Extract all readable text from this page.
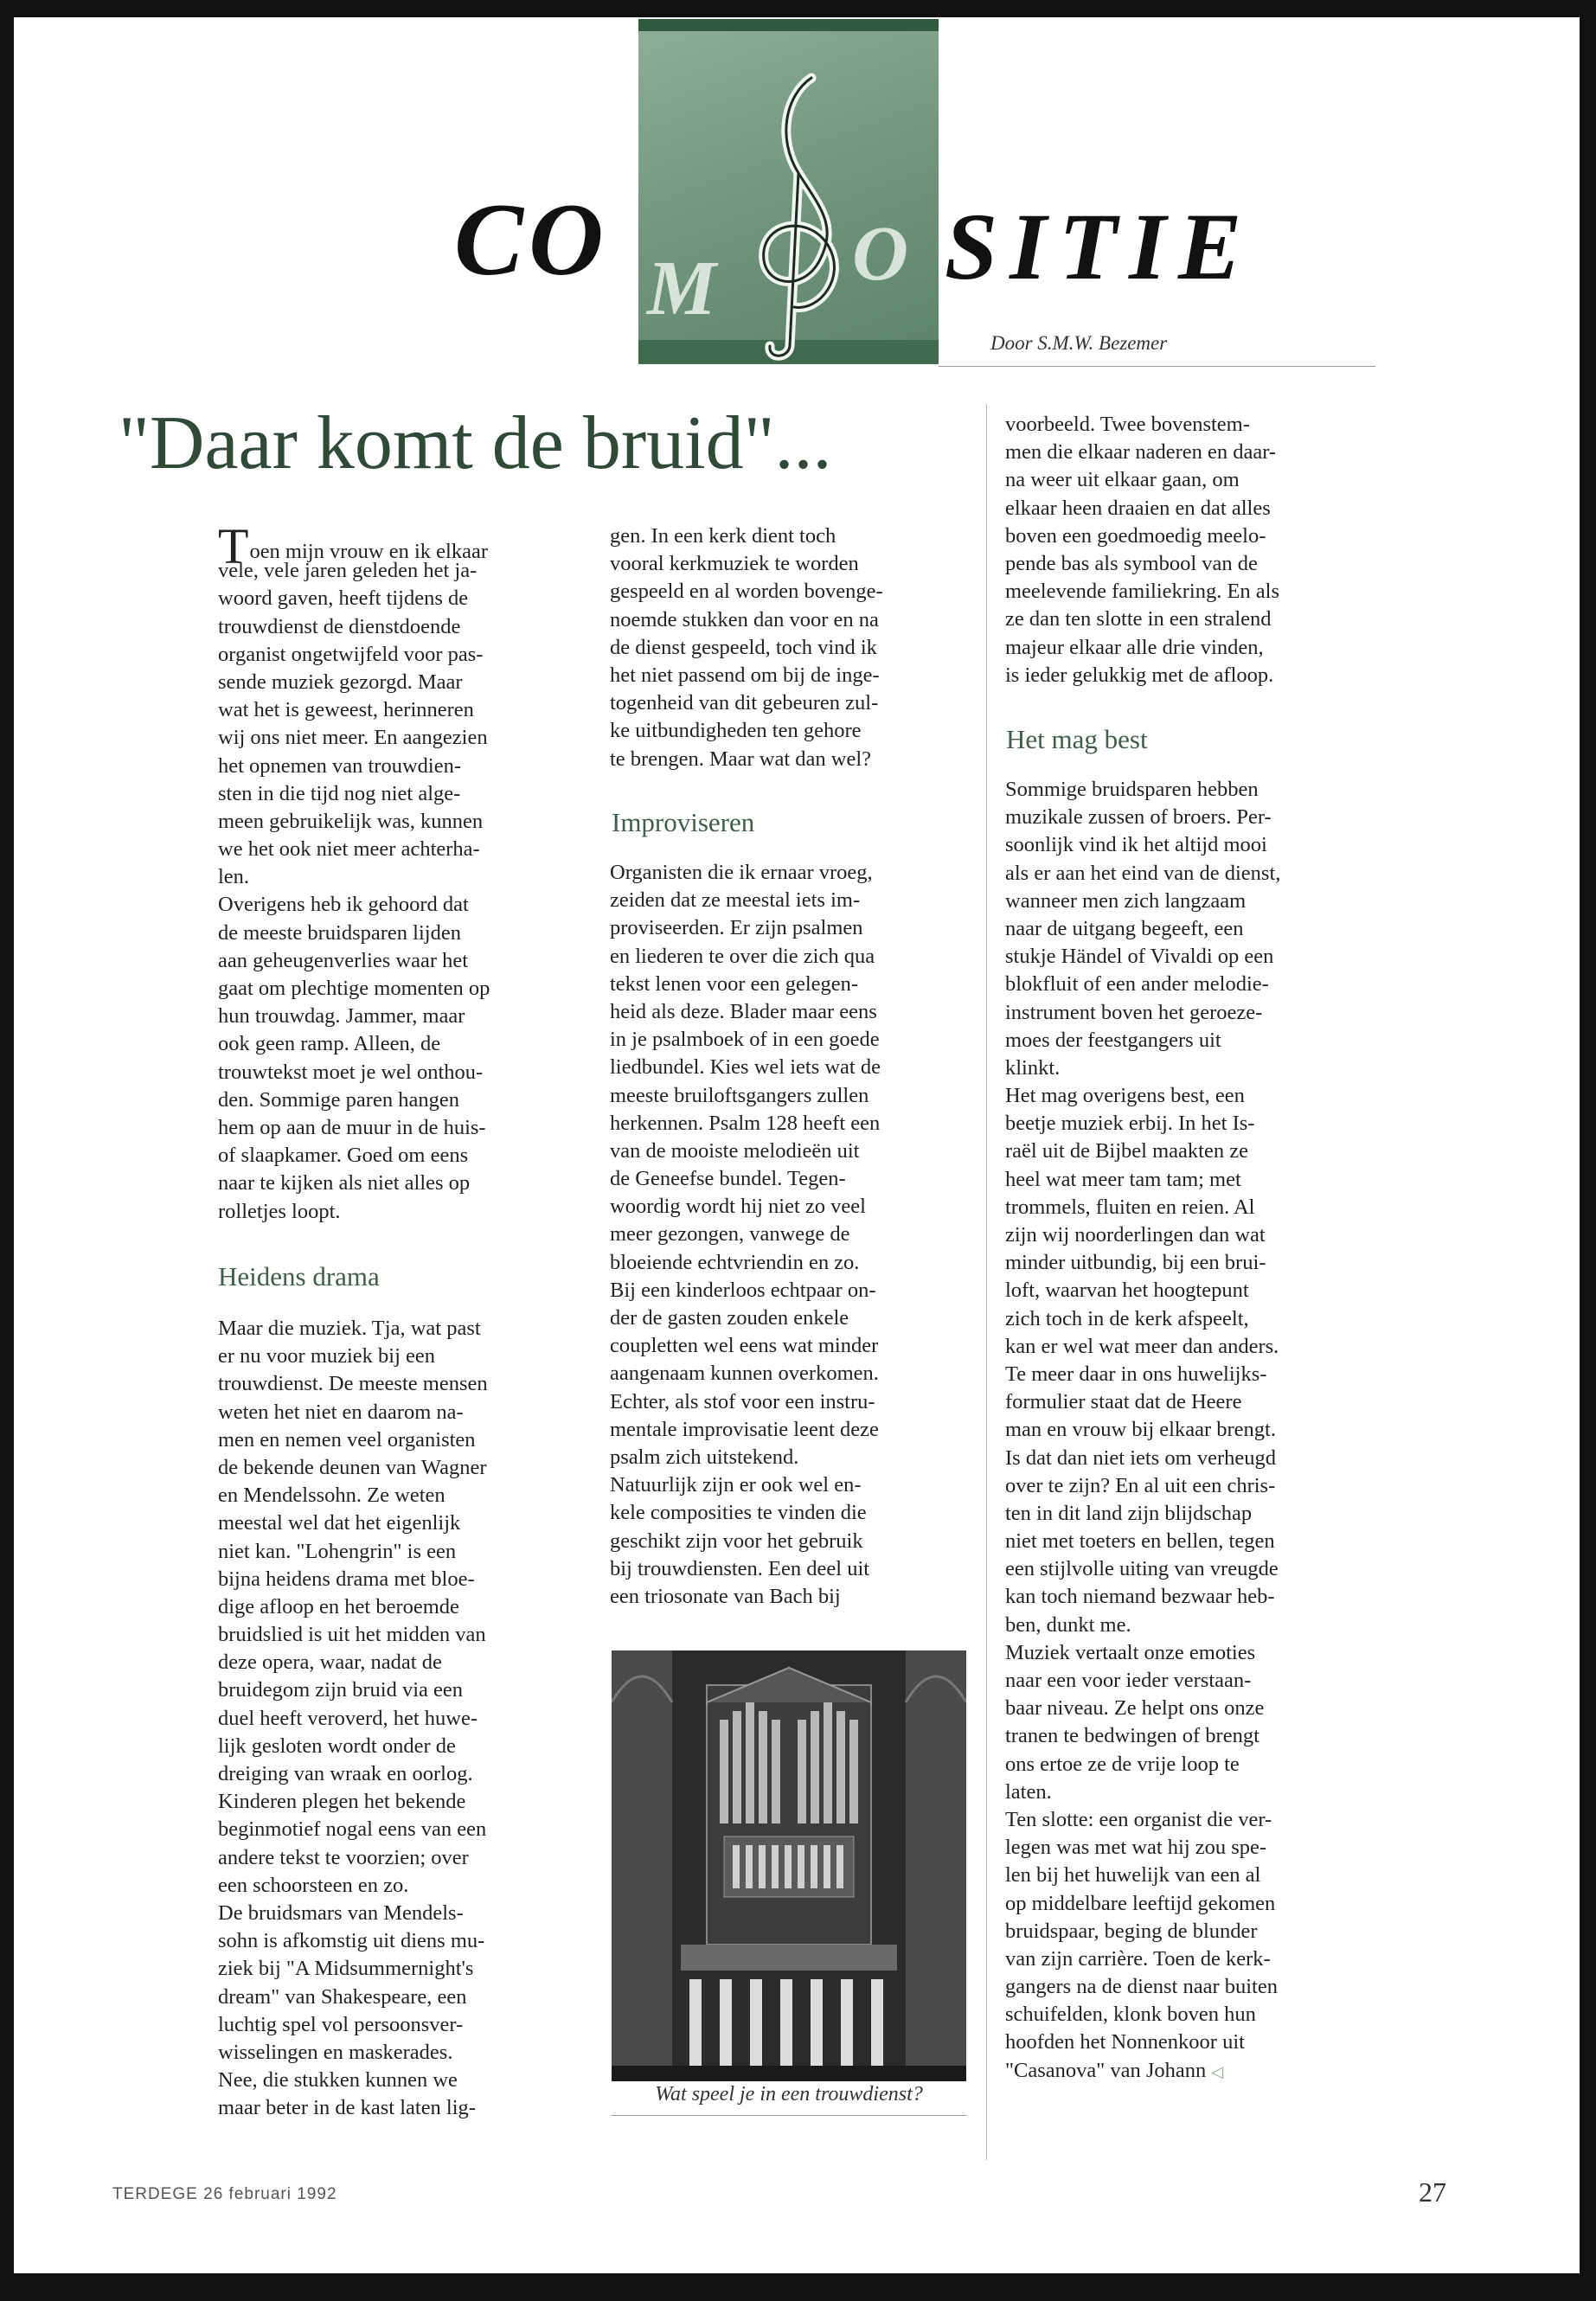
CO M O SITIE
Door S.M.W. Bezemer
"Daar komt de bruid"...
Toen mijn vrouw en ik elkaar
vele, vele jaren geleden het ja-
woord gaven, heeft tijdens de
trouwdienst de dienstdoende
organist ongetwijfeld voor pas-
sende muziek gezorgd. Maar
wat het is geweest, herinneren
wij ons niet meer. En aangezien
het opnemen van trouwdien-
sten in die tijd nog niet alge-
meen gebruikelijk was, kunnen
we het ook niet meer achterha-
len.
Overigens heb ik gehoord dat
de meeste bruidsparen lijden
aan geheugenverlies waar het
gaat om plechtige momenten op
hun trouwdag. Jammer, maar
ook geen ramp. Alleen, de
trouwtekst moet je wel onthou-
den. Sommige paren hangen
hem op aan de muur in de huis-
of slaapkamer. Goed om eens
naar te kijken als niet alles op
rolletjes loopt.
Heidens drama
Maar die muziek. Tja, wat past
er nu voor muziek bij een
trouwdienst. De meeste mensen
weten het niet en daarom na-
men en nemen veel organisten
de bekende deunen van Wagner
en Mendelssohn. Ze weten
meestal wel dat het eigenlijk
niet kan. "Lohengrin" is een
bijna heidens drama met bloe-
dige afloop en het beroemde
bruidslied is uit het midden van
deze opera, waar, nadat de
bruidegom zijn bruid via een
duel heeft veroverd, het huwe-
lijk gesloten wordt onder de
dreiging van wraak en oorlog.
Kinderen plegen het bekende
beginmotief nogal eens van een
andere tekst te voorzien; over
een schoorsteen en zo.
De bruidsmars van Mendels-
sohn is afkomstig uit diens mu-
ziek bij "A Midsummernight's
dream" van Shakespeare, een
luchtig spel vol persoonsver-
wisselingen en maskerades.
Nee, die stukken kunnen we
maar beter in de kast laten lig-
gen. In een kerk dient toch
vooral kerkmuziek te worden
gespeeld en al worden bovenge-
noemde stukken dan voor en na
de dienst gespeeld, toch vind ik
het niet passend om bij de inge-
togenheid van dit gebeuren zul-
ke uitbundigheden ten gehore
te brengen. Maar wat dan wel?
Improviseren
Organisten die ik ernaar vroeg,
zeiden dat ze meestal iets im-
proviseerden. Er zijn psalmen
en liederen te over die zich qua
tekst lenen voor een gelegen-
heid als deze. Blader maar eens
in je psalmboek of in een goede
liedbundel. Kies wel iets wat de
meeste bruiloftsgangers zullen
herkennen. Psalm 128 heeft een
van de mooiste melodieën uit
de Geneefse bundel. Tegen-
woordig wordt hij niet zo veel
meer gezongen, vanwege de
bloeiende echtvriendin en zo.
Bij een kinderloos echtpaar on-
der de gasten zouden enkele
coupletten wel eens wat minder
aangenaam kunnen overkomen.
Echter, als stof voor een instru-
mentale improvisatie leent deze
psalm zich uitstekend.
Natuurlijk zijn er ook wel en-
kele composities te vinden die
geschikt zijn voor het gebruik
bij trouwdiensten. Een deel uit
een triosonate van Bach bij
Wat speel je in een trouwdienst?
voorbeeld. Twee bovenstem-
men die elkaar naderen en daar-
na weer uit elkaar gaan, om
elkaar heen draaien en dat alles
boven een goedmoedig meelo-
pende bas als symbool van de
meelevende familiekring. En als
ze dan ten slotte in een stralend
majeur elkaar alle drie vinden,
is ieder gelukkig met de afloop.
Het mag best
Sommige bruidsparen hebben
muzikale zussen of broers. Per-
soonlijk vind ik het altijd mooi
als er aan het eind van de dienst,
wanneer men zich langzaam
naar de uitgang begeeft, een
stukje Händel of Vivaldi op een
blokfluit of een ander melodie-
instrument boven het geroeze-
moes der feestgangers uit
klinkt.
Het mag overigens best, een
beetje muziek erbij. In het Is-
raël uit de Bijbel maakten ze
heel wat meer tam tam; met
trommels, fluiten en reien. Al
zijn wij noorderlingen dan wat
minder uitbundig, bij een brui-
loft, waarvan het hoogtepunt
zich toch in de kerk afspeelt,
kan er wel wat meer dan anders.
Te meer daar in ons huwelijks-
formulier staat dat de Heere
man en vrouw bij elkaar brengt.
Is dat dan niet iets om verheugd
over te zijn? En al uit een chris-
ten in dit land zijn blijdschap
niet met toeters en bellen, tegen
een stijlvolle uiting van vreugde
kan toch niemand bezwaar heb-
ben, dunkt me.
Muziek vertaalt onze emoties
naar een voor ieder verstaan-
baar niveau. Ze helpt ons onze
tranen te bedwingen of brengt
ons ertoe ze de vrije loop te
laten.
Ten slotte: een organist die ver-
legen was met wat hij zou spe-
len bij het huwelijk van een al
op middelbare leeftijd gekomen
bruidspaar, beging de blunder
van zijn carrière. Toen de kerk-
gangers na de dienst naar buiten
schuifelden, klonk boven hun
hoofden het Nonnenkoor uit
"Casanova" van Johann ◁
TERDEGE 26 februari 1992	27
